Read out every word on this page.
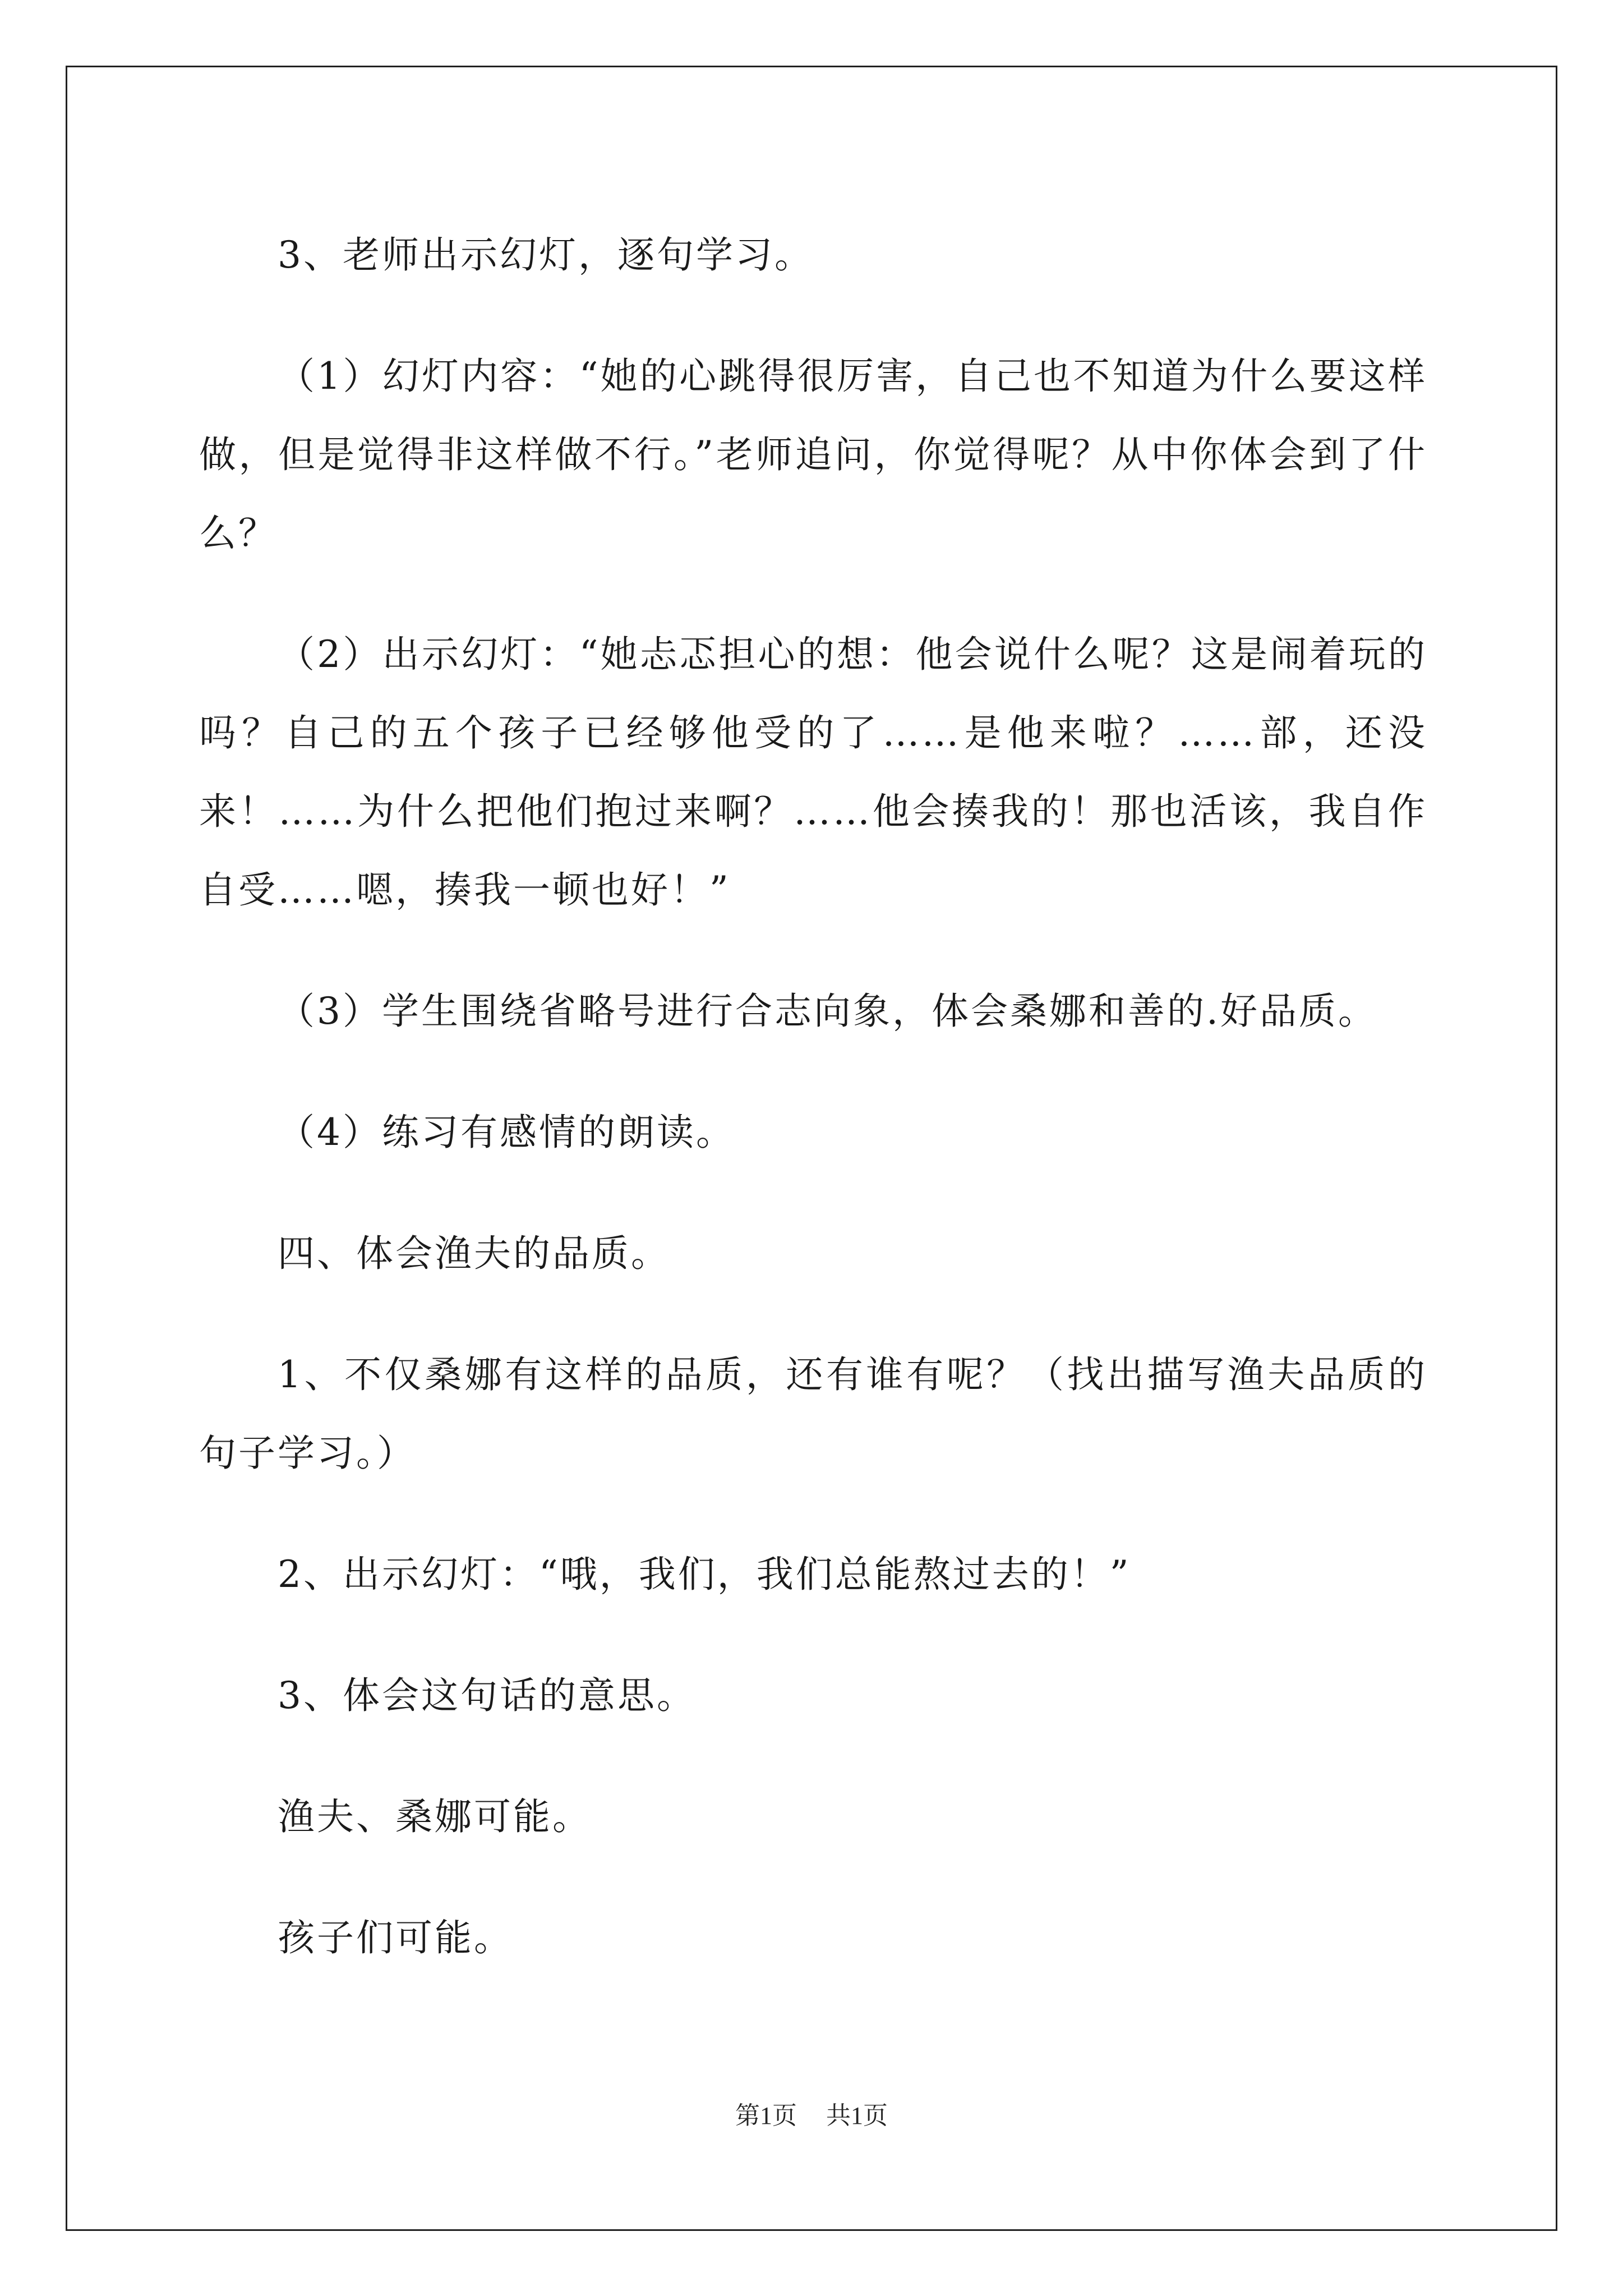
3、老师出示幻灯，逐句学习。

（1）幻灯内容：“她的心跳得很厉害，自己也不知道为什么要这样做，但是觉得非这样做不行。”老师追问，你觉得呢？从中你体会到了什么？

（2）出示幻灯：“她忐忑担心的想：他会说什么呢？这是闹着玩的吗？自己的五个孩子已经够他受的了……是他来啦？……部，还没来！……为什么把他们抱过来啊？……他会揍我的！那也活该，我自作自受……嗯，揍我一顿也好！”

（3）学生围绕省略号进行合志向象，体会桑娜和善的.好品质。

（4）练习有感情的朗读。

四、体会渔夫的品质。

1、不仅桑娜有这样的品质，还有谁有呢？（找出描写渔夫品质的句子学习。）

2、出示幻灯：“哦，我们，我们总能熬过去的！”

3、体会这句话的意思。

渔夫、桑娜可能。

孩子们可能。

第1页 共1页
